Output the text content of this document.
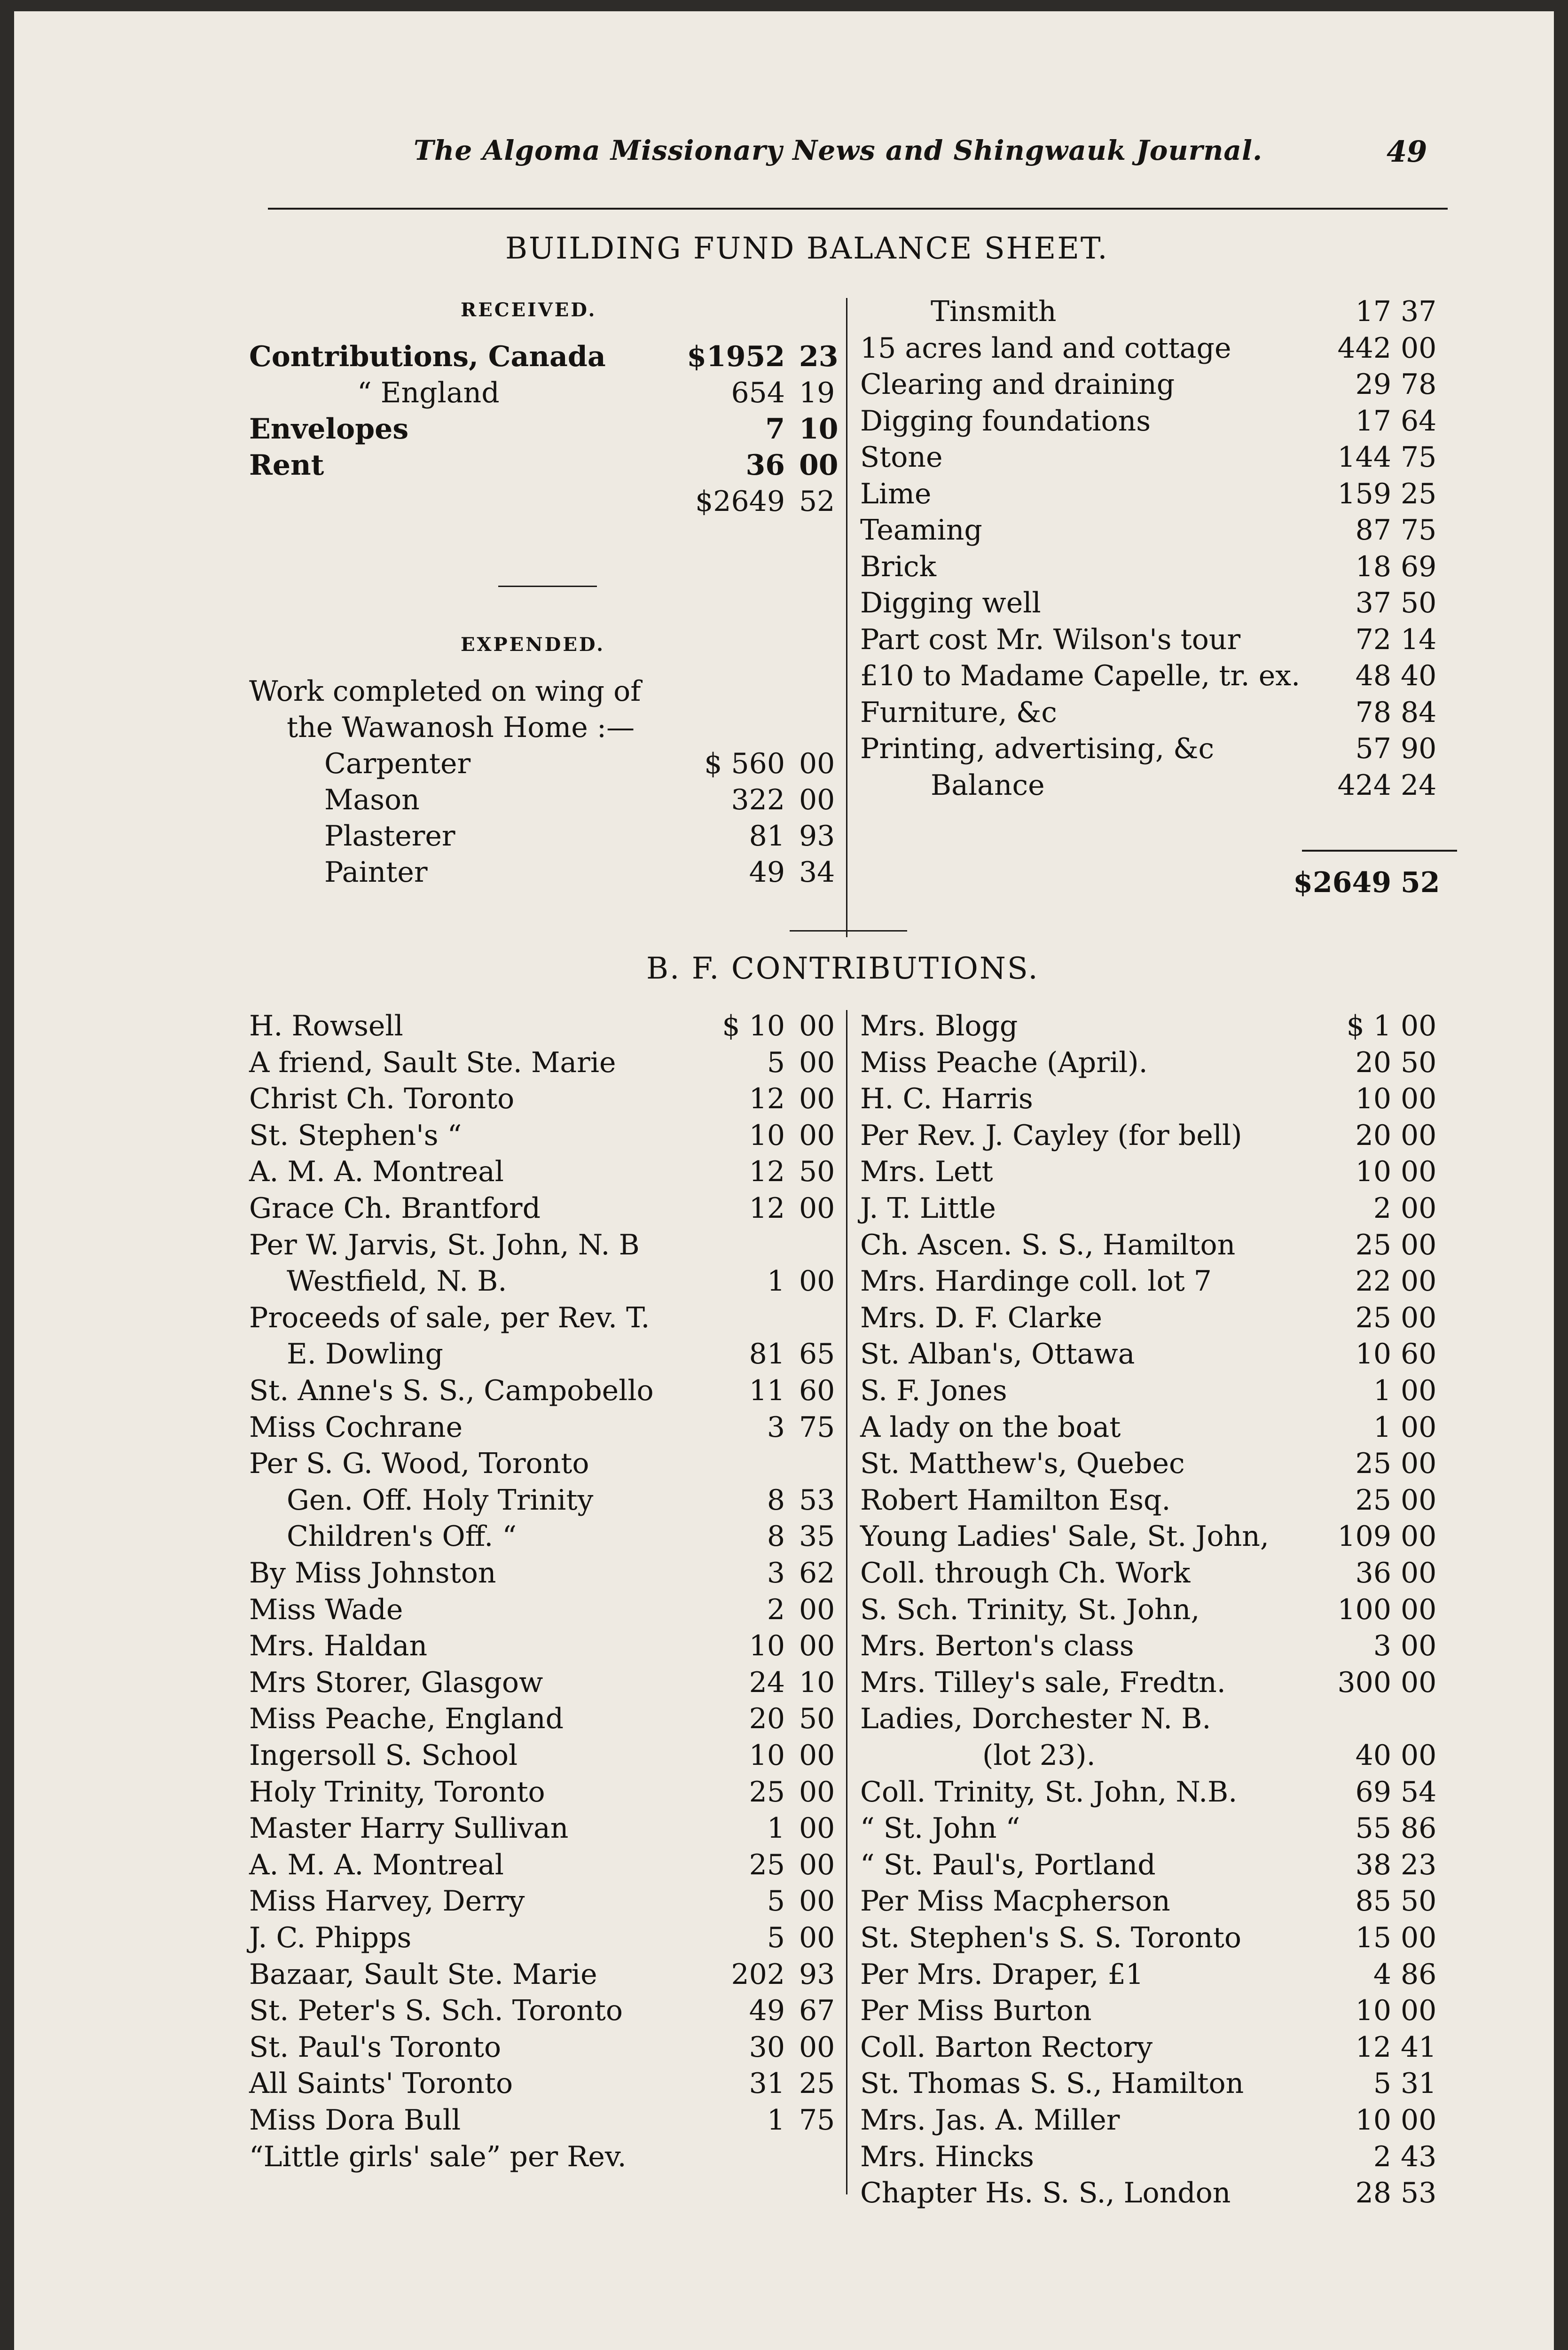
The Algoma Missionary News and Shingwauk Journal.	49
BUILDING FUND BALANCE SHEET.
RECEIVED.
Contributions, Canada	$1952 23
“ England	654 19
Envelopes	7 10
Rent	36 00
$2649 52
EXPENDED.
Work completed on wing of
the Wawanosh Home :—
Carpenter	$ 560 00
Mason	322 00
Plasterer	81 93
Painter	49 34
Tinsmith	17 37
15 acres land and cottage	442 00
Clearing and draining	29 78
Digging foundations	17 64
Stone	144 75
Lime	159 25
Teaming	87 75
Brick	18 69
Digging well	37 50
Part cost Mr. Wilson's tour	72 14
£10 to Madame Capelle, tr. ex.	48 40
Furniture, &c	78 84
Printing, advertising, &c	57 90
Balance	424 24
$2649 52
B. F. CONTRIBUTIONS.
H. Rowsell	$ 10 00
A friend, Sault Ste. Marie	5 00
Christ Ch. Toronto	12 00
St. Stephen's “	10 00
A. M. A. Montreal	12 50
Grace Ch. Brantford	12 00
Per W. Jarvis, St. John, N. B
Westfield, N. B.	1 00
Proceeds of sale, per Rev. T.
E. Dowling	81 65
St. Anne's S. S., Campobello	11 60
Miss Cochrane	3 75
Per S. G. Wood, Toronto
Gen. Off. Holy Trinity	8 53
Children's Off. “	8 35
By Miss Johnston	3 62
Miss Wade	2 00
Mrs. Haldan	10 00
Mrs Storer, Glasgow	24 10
Miss Peache, England	20 50
Ingersoll S. School	10 00
Holy Trinity, Toronto	25 00
Master Harry Sullivan	1 00
A. M. A. Montreal	25 00
Miss Harvey, Derry	5 00
J. C. Phipps	5 00
Bazaar, Sault Ste. Marie	202 93
St. Peter's S. Sch. Toronto	49 67
St. Paul's Toronto	30 00
All Saints' Toronto	31 25
Miss Dora Bull	1 75
“Little girls' sale” per Rev.
Mrs. Blogg	$ 1 00
Miss Peache (April).	20 50
H. C. Harris	10 00
Per Rev. J. Cayley (for bell)	20 00
Mrs. Lett	10 00
J. T. Little	2 00
Ch. Ascen. S. S., Hamilton	25 00
Mrs. Hardinge coll. lot 7	22 00
Mrs. D. F. Clarke	25 00
St. Alban's, Ottawa	10 60
S. F. Jones	1 00
A lady on the boat	1 00
St. Matthew's, Quebec	25 00
Robert Hamilton Esq.	25 00
Young Ladies' Sale, St. John,	109 00
Coll. through Ch. Work	36 00
S. Sch. Trinity, St. John,	100 00
Mrs. Berton's class	3 00
Mrs. Tilley's sale, Fredtn.	300 00
Ladies, Dorchester N. B.
(lot 23).	40 00
Coll. Trinity, St. John, N.B.	69 54
“ St. John “	55 86
“ St. Paul's, Portland	38 23
Per Miss Macpherson	85 50
St. Stephen's S. S. Toronto	15 00
Per Mrs. Draper, £1	4 86
Per Miss Burton	10 00
Coll. Barton Rectory	12 41
St. Thomas S. S., Hamilton	5 31
Mrs. Jas. A. Miller	10 00
Mrs. Hincks	2 43
Chapter Hs. S. S., London	28 53
